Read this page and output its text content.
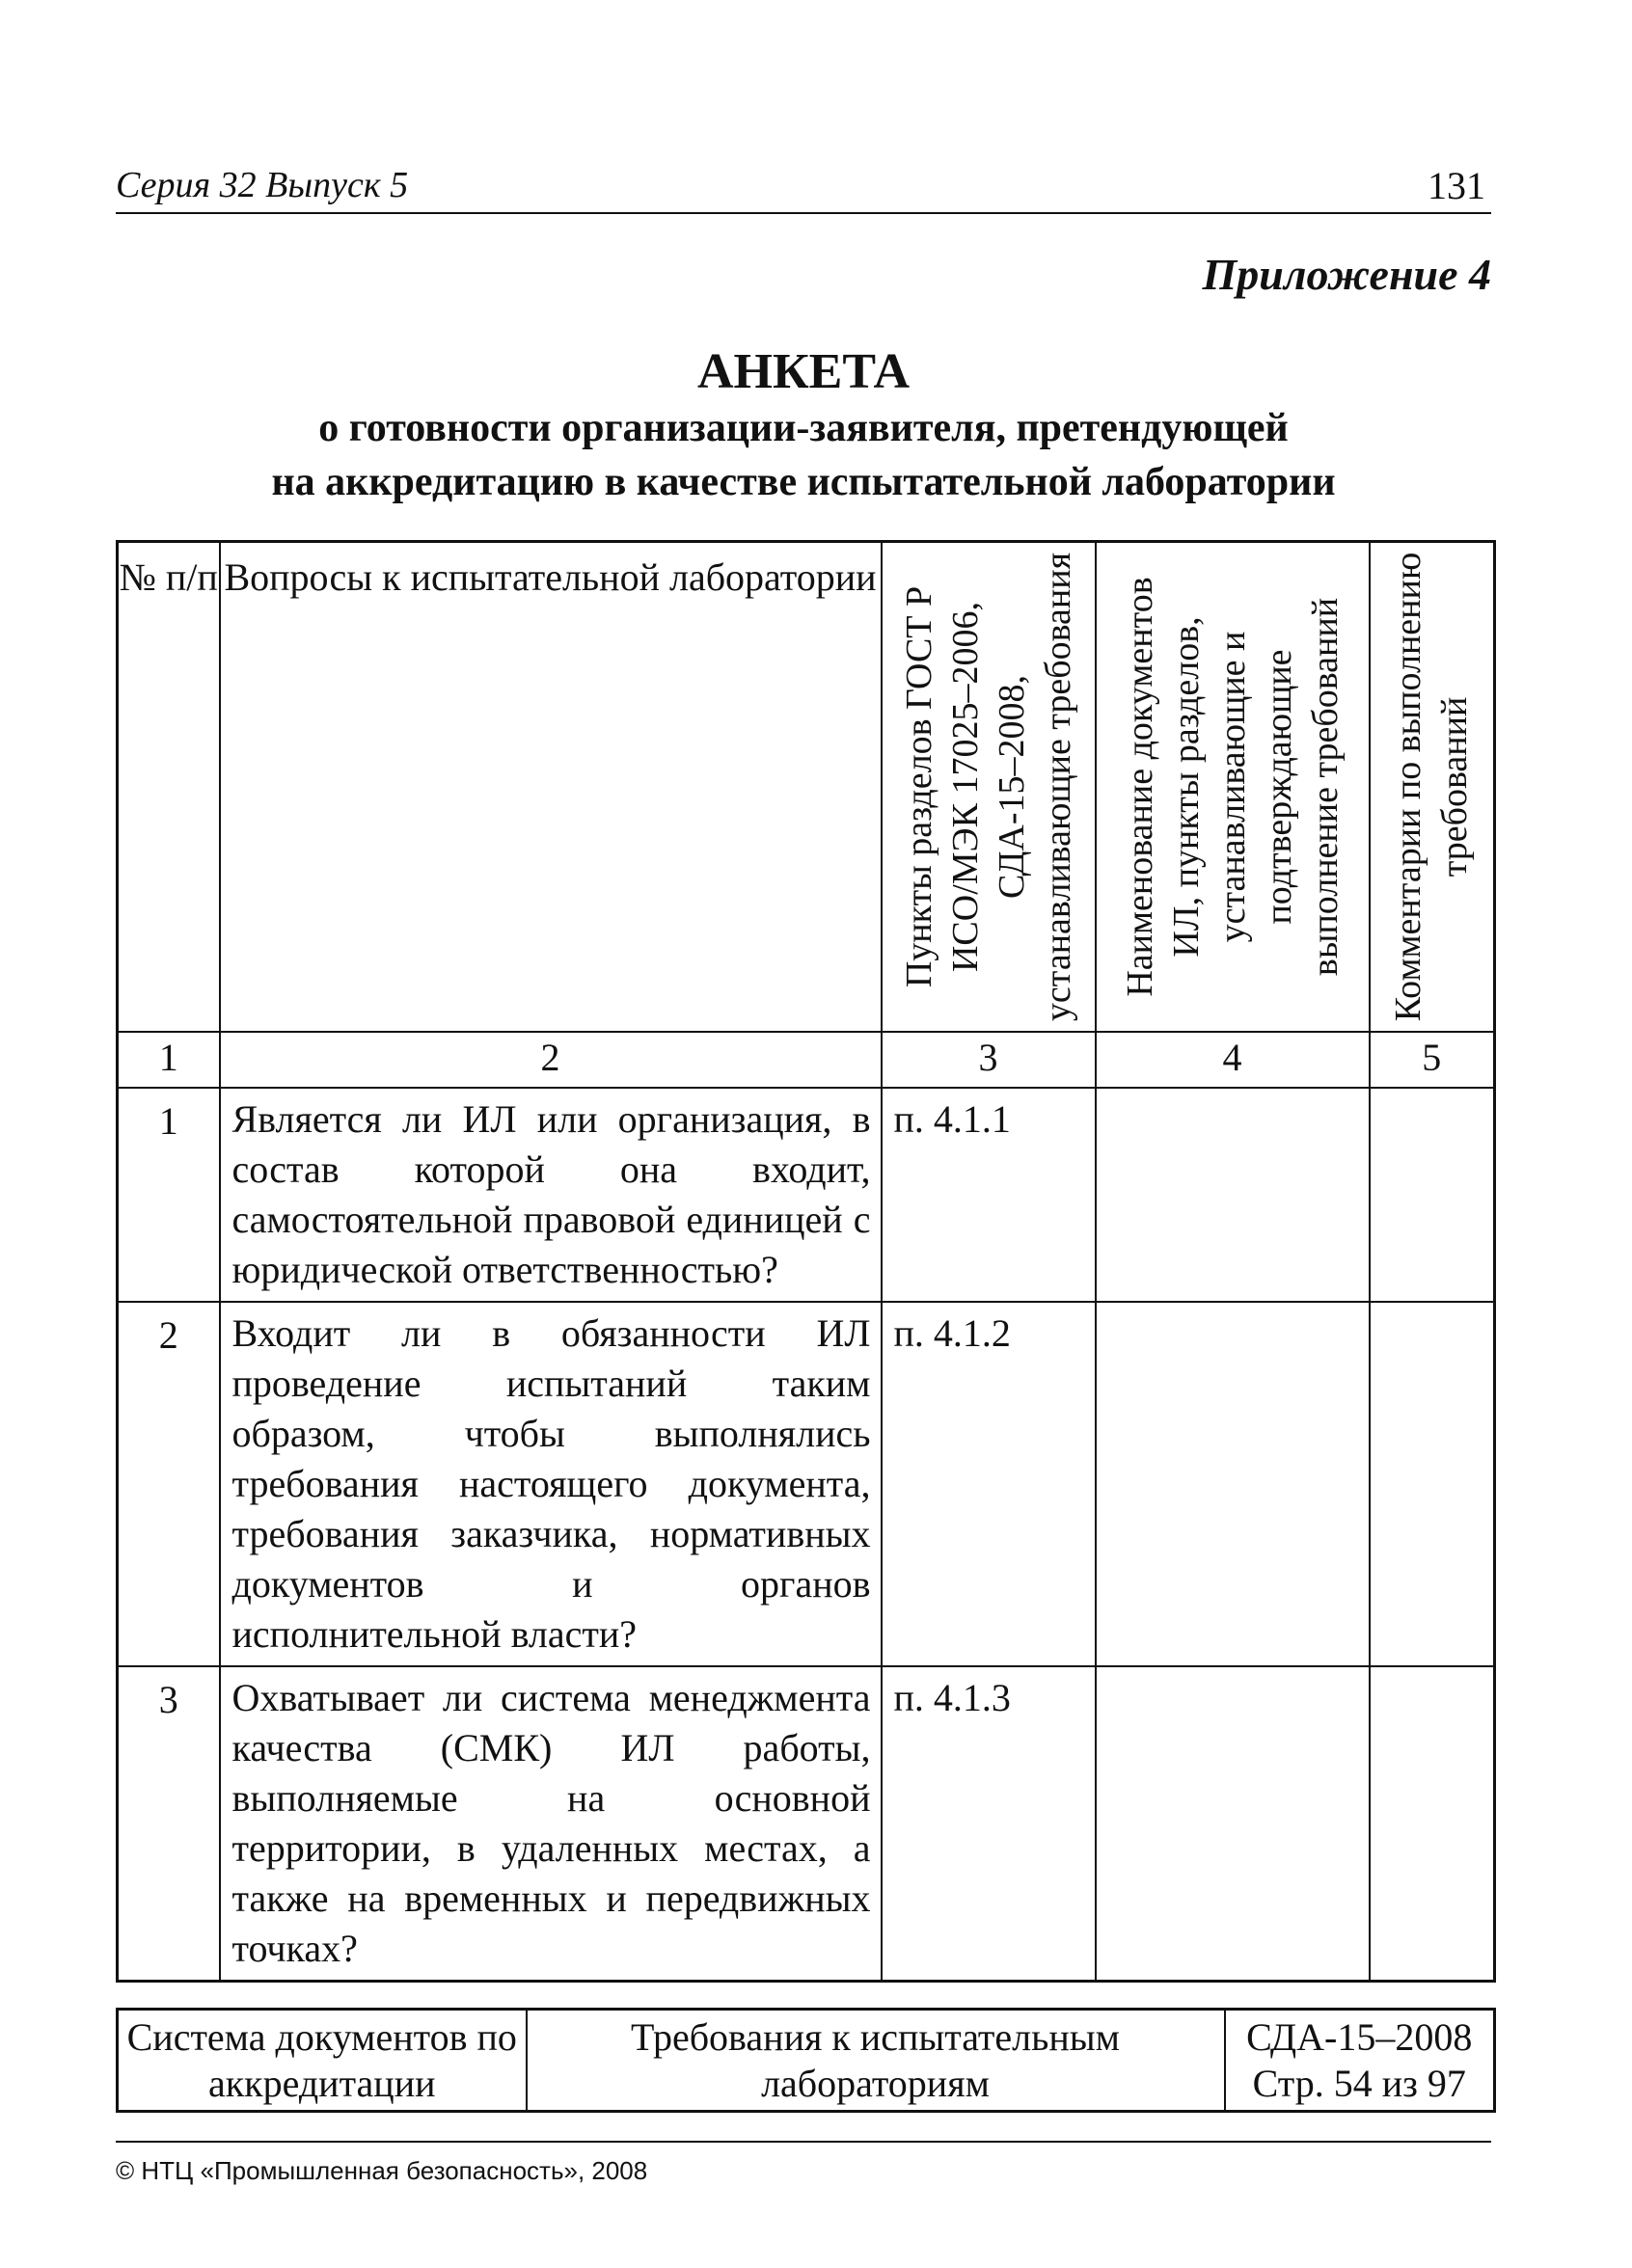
Серия 32 Выпуск 5	131
Приложение 4
АНКЕТА
о готовности организации-заявителя, претендующей
на аккредитацию в качестве испытательной лаборатории
№ п/п	Вопросы к испытательной лаборатории	Пункты разделов ГОСТ Р ИСО/МЭК 17025–2006, СДА-15–2008, устанавливающие требования	Наименование документов ИЛ, пункты разделов, устанавливающие и подтверждающие выполнение требований	Комментарии по выполнению требований

1	2	3	4	5
1	Является ли ИЛ или организация, в состав которой она входит, самостоятельной правовой единицей с юридической ответственностью?	п. 4.1.1		
2	Входит ли в обязанности ИЛ проведение испытаний таким образом, чтобы выполнялись требования настоящего документа, требования заказчика, нормативных документов и органов исполнительной власти?	п. 4.1.2		
3	Охватывает ли система менеджмента качества (СМК) ИЛ работы, выполняемые на основной территории, в удаленных местах, а также на временных и передвижных точках?	п. 4.1.3		
Система документов по аккредитации	Требования к испытательным лабораториям	
СДА-15–2008
Стр. 54 из 97
© НТЦ «Промышленная безопасность», 2008
